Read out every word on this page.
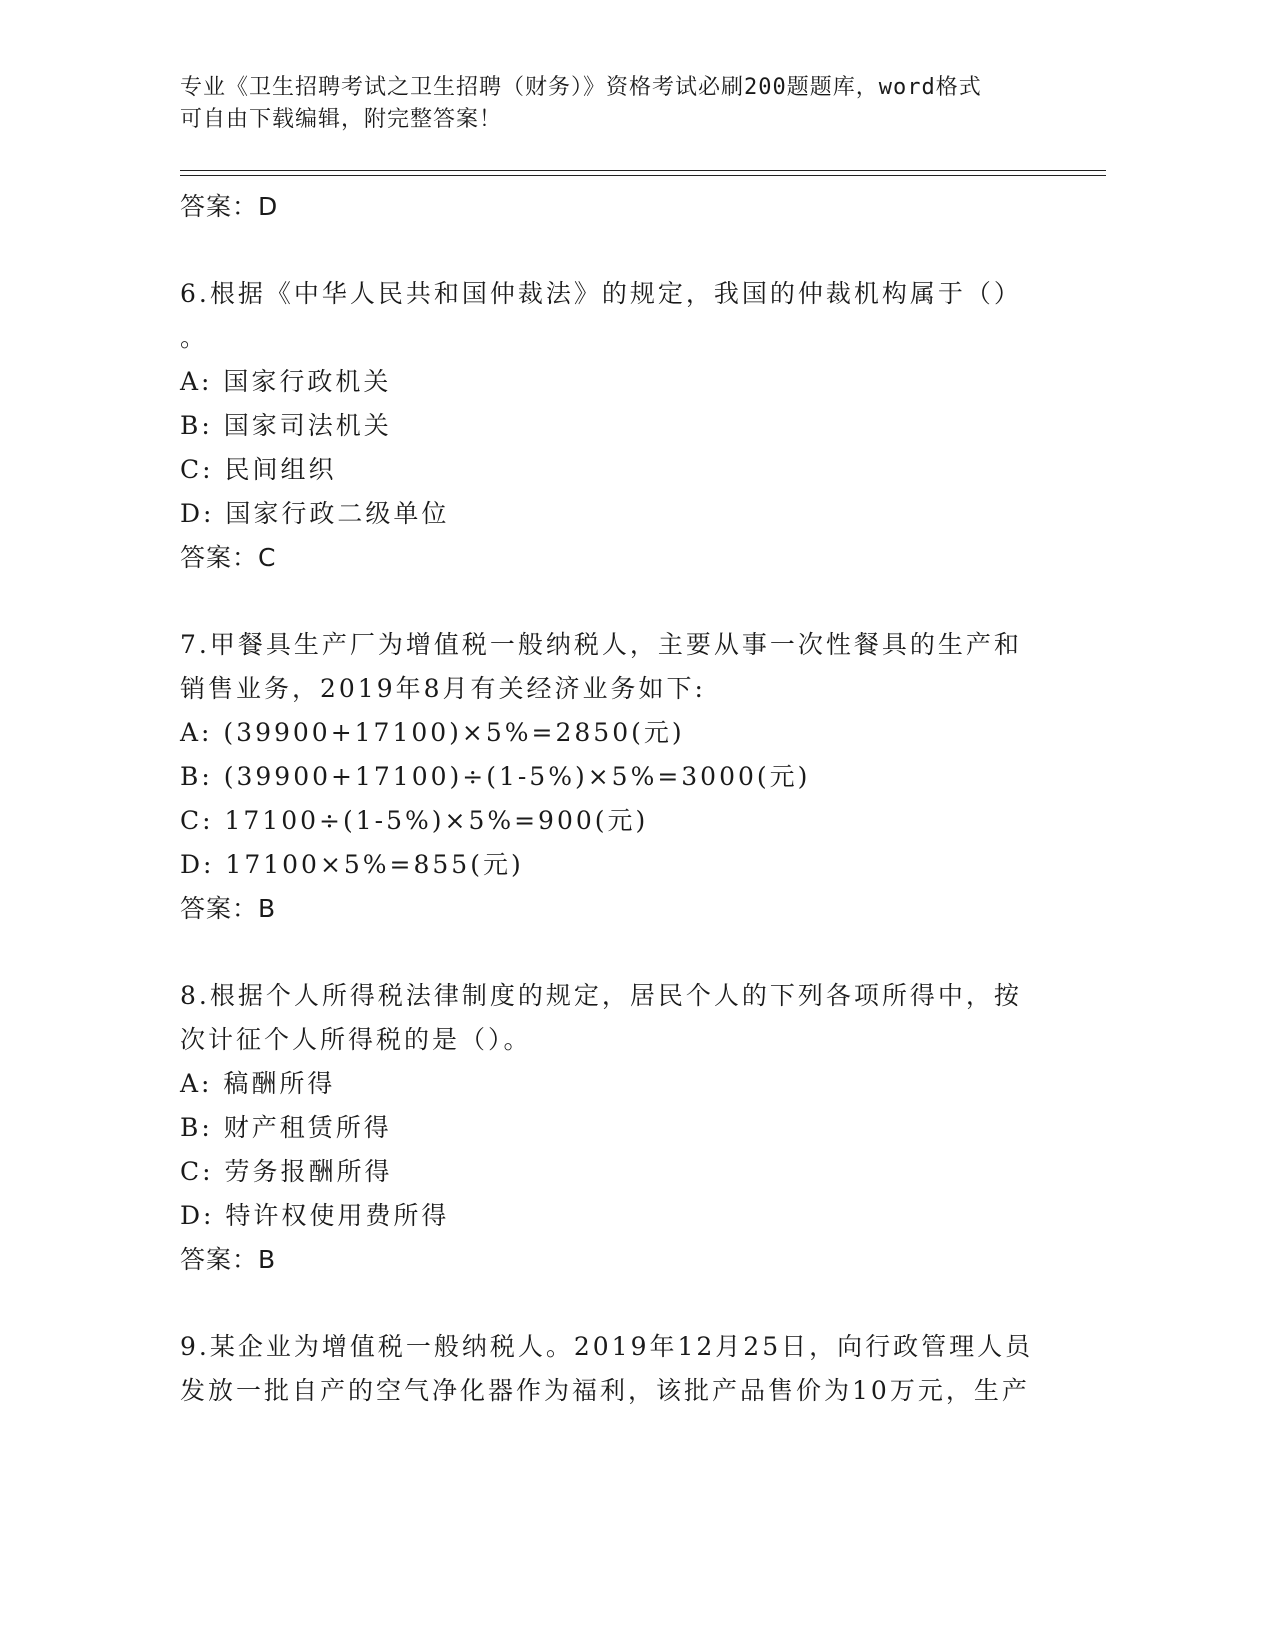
专业《卫生招聘考试之卫生招聘（财务）》资格考试必刷200题题库，word格式
可自由下载编辑，附完整答案！
答案：D
6.根据《中华人民共和国仲裁法》的规定，我国的仲裁机构属于（）
。
A: 国家行政机关
B: 国家司法机关
C: 民间组织
D: 国家行政二级单位
答案：C
7.甲餐具生产厂为增值税一般纳税人，主要从事一次性餐具的生产和
销售业务，2019年8月有关经济业务如下:
A: (39900+17100)×5%=2850(元)
B: (39900+17100)÷(1-5%)×5%=3000(元)
C: 17100÷(1-5%)×5%=900(元)
D: 17100×5%=855(元)
答案：B
8.根据个人所得税法律制度的规定，居民个人的下列各项所得中，按
次计征个人所得税的是（）。
A: 稿酬所得
B: 财产租赁所得
C: 劳务报酬所得
D: 特许权使用费所得
答案：B
9.某企业为增值税一般纳税人。2019年12月25日，向行政管理人员
发放一批自产的空气净化器作为福利，该批产品售价为10万元，生产
